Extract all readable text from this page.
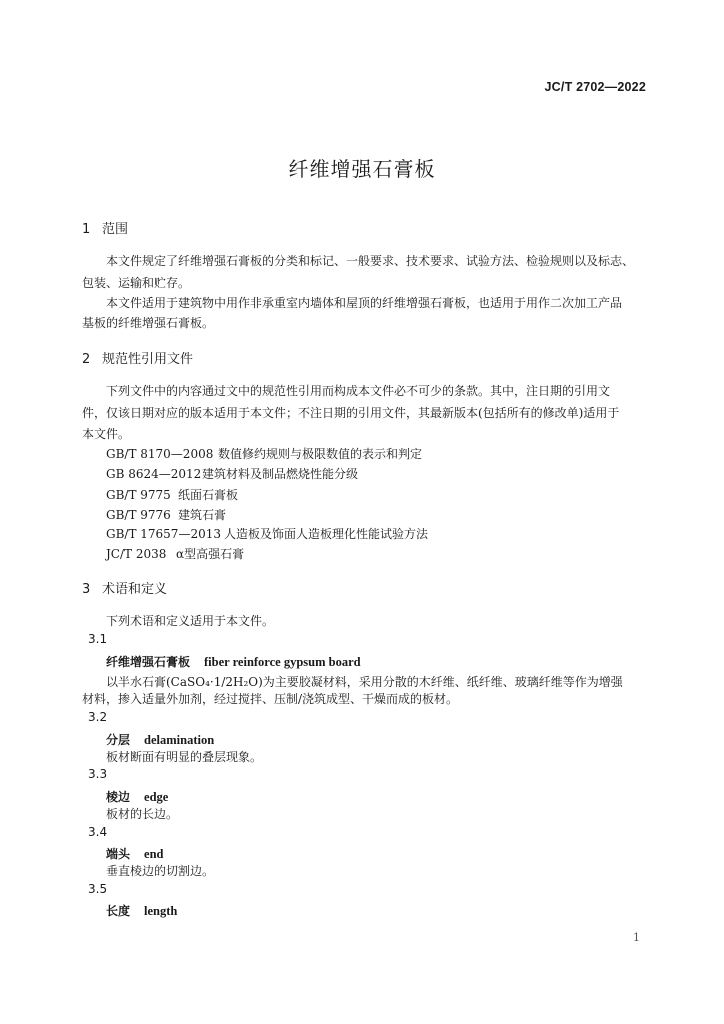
JC/T 2702—2022
纤维增强石膏板
1 范围
本文件规定了纤维增强石膏板的分类和标记、一般要求、技术要求、试验方法、检验规则以及标志、
包装、运输和贮存。
本文件适用于建筑物中用作非承重室内墙体和屋顶的纤维增强石膏板，也适用于用作二次加工产品
基板的纤维增强石膏板。
2 规范性引用文件
下列文件中的内容通过文中的规范性引用而构成本文件必不可少的条款。其中，注日期的引用文
件，仅该日期对应的版本适用于本文件；不注日期的引用文件，其最新版本(包括所有的修改单)适用于
本文件。
GB/T 8170—2008 数值修约规则与极限数值的表示和判定
GB 8624—2012建筑材料及制品燃烧性能分级
GB/T 9775 纸面石膏板
GB/T 9776 建筑石膏
GB/T 17657—2013 人造板及饰面人造板理化性能试验方法
JC/T 2038 α型高强石膏
3 术语和定义
下列术语和定义适用于本文件。
3.1
纤维增强石膏板 fiber reinforce gypsum board
以半水石膏(CaSO₄·1/2H₂O)为主要胶凝材料，采用分散的木纤维、纸纤维、玻璃纤维等作为增强
材料，掺入适量外加剂，经过搅拌、压制/浇筑成型、干燥而成的板材。
3.2
分层 delamination
板材断面有明显的叠层现象。
3.3
棱边 edge
板材的长边。
3.4
端头 end
垂直棱边的切割边。
3.5
长度 length
1
